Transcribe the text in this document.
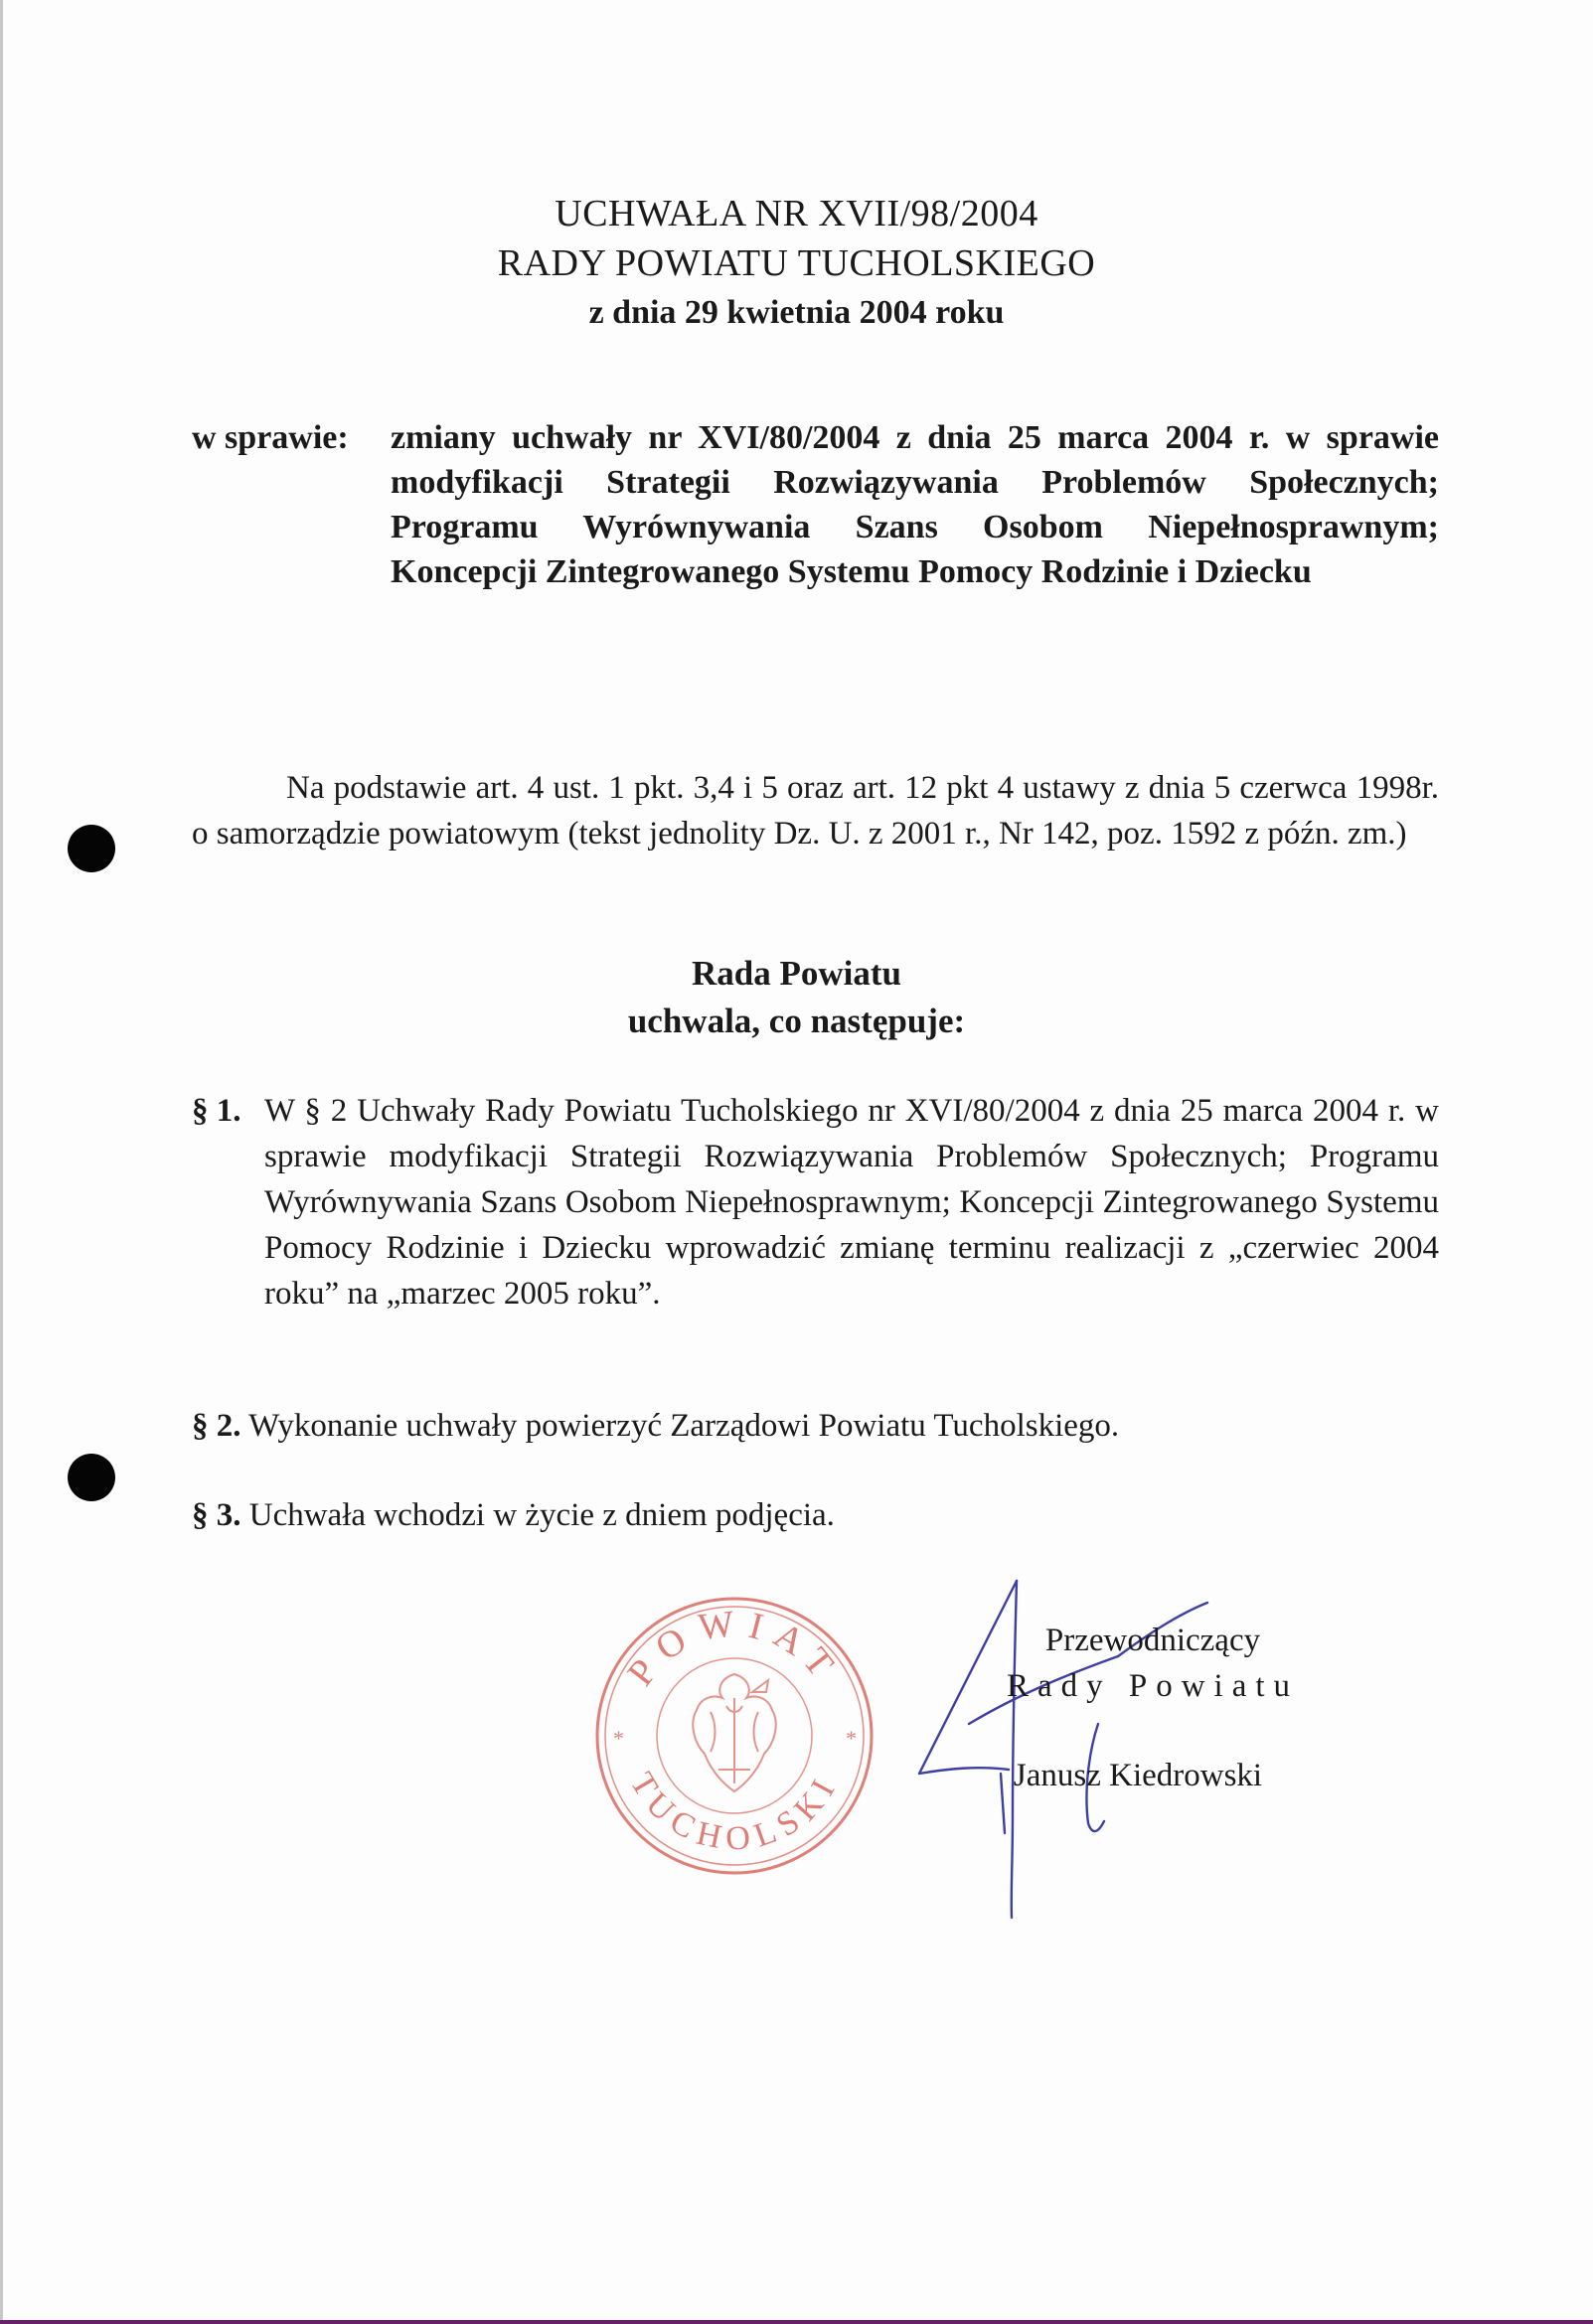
UCHWAŁA NR XVII/98/2004
RADY POWIATU TUCHOLSKIEGO
z dnia 29 kwietnia 2004 roku
w sprawie:	zmiany uchwały nr XVI/80/2004 z dnia 25 marca 2004 r. w sprawie modyfikacji Strategii Rozwiązywania Problemów Społecznych; Programu Wyrównywania Szans Osobom Niepełnosprawnym; Koncepcji Zintegrowanego Systemu Pomocy Rodzinie i Dziecku
Na podstawie art. 4 ust. 1 pkt. 3,4 i 5 oraz art. 12 pkt 4 ustawy z dnia 5 czerwca 1998r. o samorządzie powiatowym (tekst jednolity Dz. U. z 2001 r., Nr 142, poz. 1592 z późn. zm.)
Rada Powiatu
uchwala, co następuje:
§ 1. W § 2 Uchwały Rady Powiatu Tucholskiego nr XVI/80/2004 z dnia 25 marca 2004 r. w sprawie modyfikacji Strategii Rozwiązywania Problemów Społecznych; Programu Wyrównywania Szans Osobom Niepełnosprawnym; Koncepcji Zintegrowanego Systemu Pomocy Rodzinie i Dziecku wprowadzić zmianę terminu realizacji z „czerwiec 2004 roku” na „marzec 2005 roku”.
§ 2. Wykonanie uchwały powierzyć Zarządowi Powiatu Tucholskiego.
§ 3. Uchwała wchodzi w życie z dniem podjęcia.
POWIAT
TUCHOLSKI
*	*
Przewodniczący
Rady Powiatu
Janusz Kiedrowski
